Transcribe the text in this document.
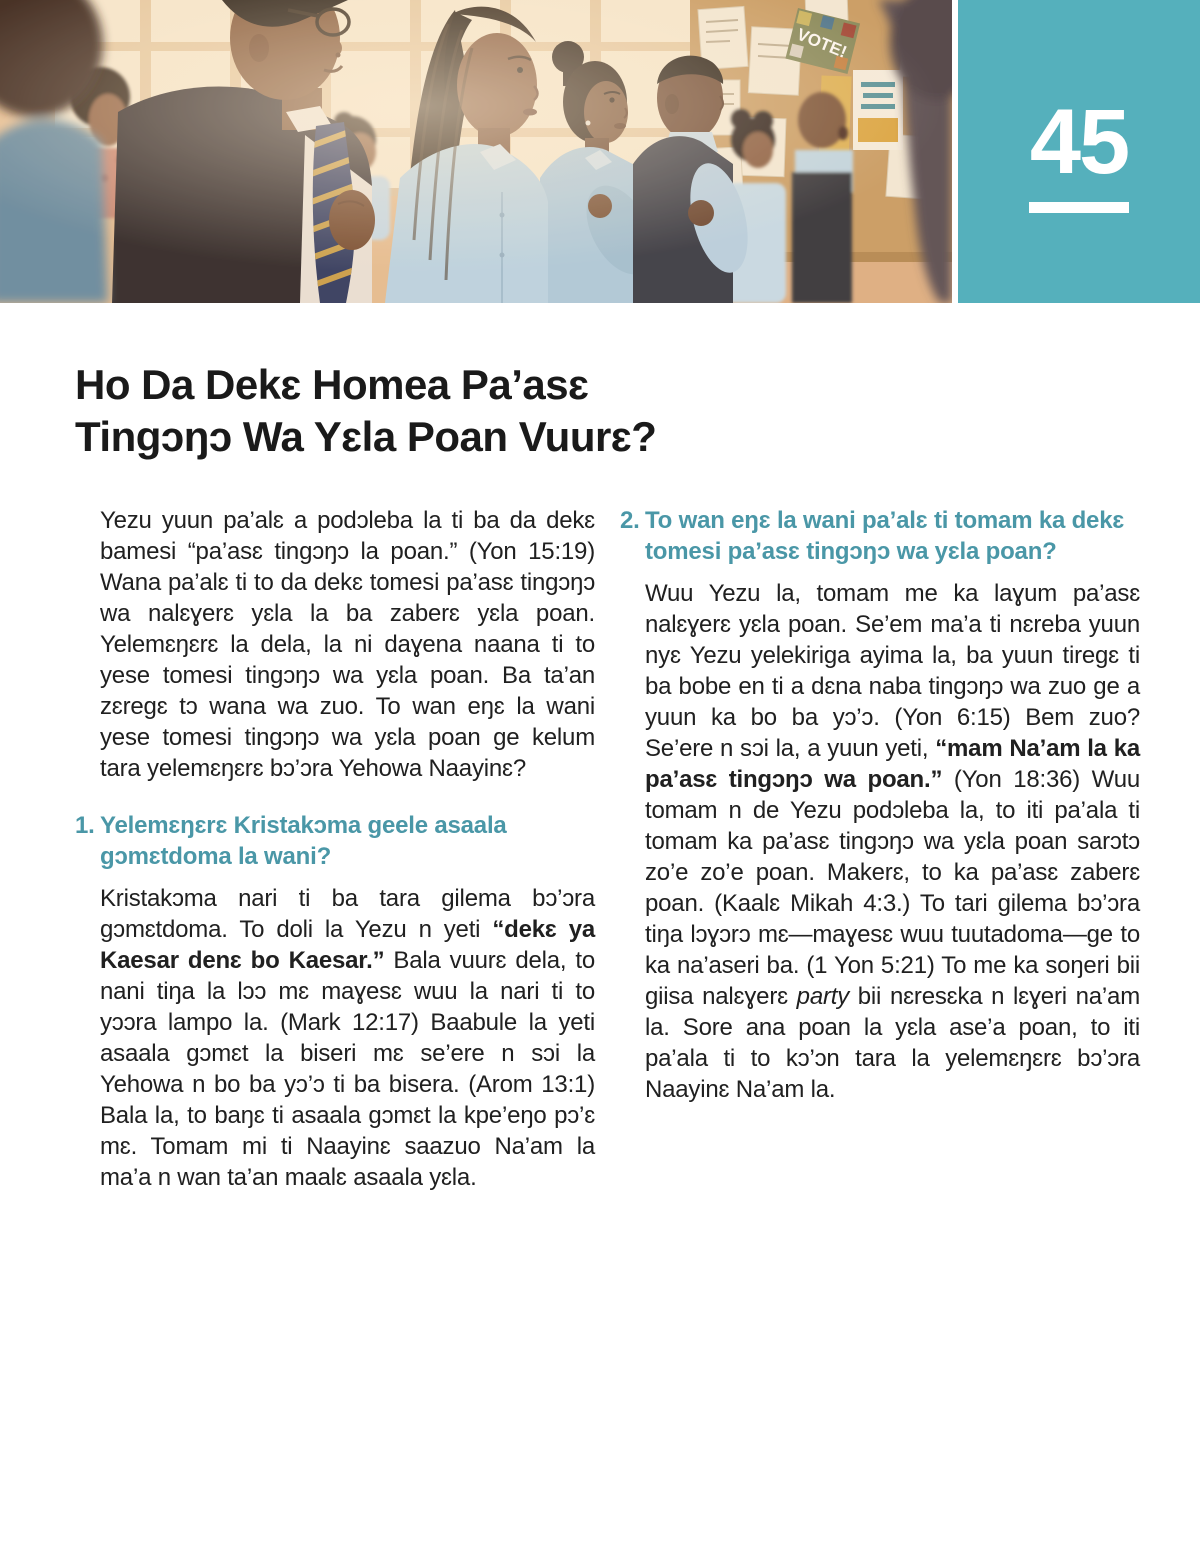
45
Ho Da Dekɛ Homea Pa’asɛ
Tingɔŋɔ Wa Yɛla Poan Vuurɛ?

Yezu yuun pa’alɛ a podɔleba la ti ba da dekɛ bamesi “pa’asɛ tingɔŋɔ la poan.” (Yon 15:19) Wana pa’alɛ ti to da dekɛ tomesi pa’asɛ tingɔŋɔ wa nalɛɣerɛ yɛla la ba zaberɛ yɛla poan. Yelemɛŋɛrɛ la dela, la ni daɣena naana ti to yese tomesi tingɔŋɔ wa yɛla poan. Ba ta’an zɛregɛ tɔ wana wa zuo. To wan eŋɛ la wani yese tomesi tingɔŋɔ wa yɛla poan ge kelum tara yelemɛŋɛrɛ bɔ’ɔra Yehowa Naayinɛ?

1. Yelemɛŋɛrɛ Kristakɔma geele asaala gɔmɛtdoma la wani?

Kristakɔma nari ti ba tara gilema bɔ’ɔra gɔmɛtdoma. To doli la Yezu n yeti “dekɛ ya Kaesar denɛ bo Kaesar.” Bala vuurɛ dela, to nani tiŋa la lɔɔ mɛ maɣesɛ wuu la nari ti to yɔɔra lampo la. (Mark 12:17) Baabule la yeti asaala gɔmɛt la biseri mɛ se’ere n sɔi la Yehowa n bo ba yɔ’ɔ ti ba bisera. (Arom 13:1) Bala la, to baŋɛ ti asaala gɔmɛt la kpe’eŋo pɔ’ɛ mɛ. Tomam mi ti Naayinɛ saazuo Na’am la ma’a n wan ta’an maalɛ asaala yɛla.

2. To wan eŋɛ la wani pa’alɛ ti tomam ka dekɛ tomesi pa’asɛ tingɔŋɔ wa yɛla poan?

Wuu Yezu la, tomam me ka laɣum pa’asɛ nalɛɣerɛ yɛla poan. Se’em ma’a ti nɛreba yuun nyɛ Yezu yelekiriga ayima la, ba yuun tiregɛ ti ba bobe en ti a dɛna naba tingɔŋɔ wa zuo ge a yuun ka bo ba yɔ’ɔ. (Yon 6:15) Bem zuo? Se’ere n sɔi la, a yuun yeti, “mam Na’am la ka pa’asɛ tingɔŋɔ wa poan.” (Yon 18:36) Wuu tomam n de Yezu podɔleba la, to iti pa’ala ti tomam ka pa’asɛ tingɔŋɔ wa yɛla poan sarɔtɔ zo’e zo’e poan. Makerɛ, to ka pa’asɛ zaberɛ poan. (Kaalɛ Mikah 4:3.) To tari gilema bɔ’ɔra tiŋa lɔɣɔrɔ mɛ—maɣesɛ wuu tuutadoma—ge to ka na’aseri ba. (1 Yon 5:21) To me ka soŋeri bii giisa nalɛɣerɛ party bii nɛresɛka n lɛɣeri na’am la. Sore ana poan la yɛla ase’a poan, to iti pa’ala ti to kɔ’ɔn tara la yelemɛŋɛrɛ bɔ’ɔra Naayinɛ Na’am la.
